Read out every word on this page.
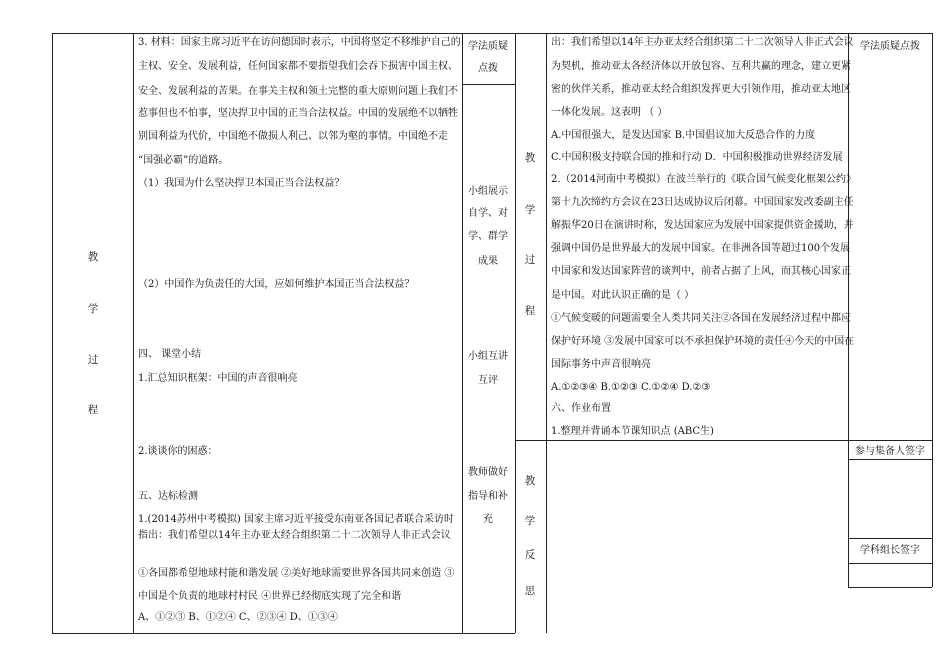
教
学
过
程
学法质疑
点拨
小组展示
自学、对
学、群学
成果
小组互讲
互评
教师做好
指导和补
充
3. 材料：国家主席习近平在访问德国时表示，中国将坚定不移维护自己的
主权、安全、发展利益，任何国家都不要指望我们会吞下损害中国主权、
安全、发展利益的苦果。在事关主权和领土完整的重大原则问题上我们不
惹事但也不怕事，坚决捍卫中国的正当合法权益。中国的发展绝不以牺牲
别国利益为代价，中国绝不做损人利己、以邻为壑的事情。中国绝不走
“国强必霸”的道路。
（1）我国为什么坚决捍卫本国正当合法权益？
（2）中国作为负责任的大国，应如何维护本国正当合法权益？
四、 课堂小结
1.汇总知识框架：中国的声音很响亮
2.谈谈你的困惑：
五、达标检测
1.(2014苏州中考模拟) 国家主席习近平接受东南亚各国记者联合采访时
指出：我们希望以14年主办亚太经合组织第二十二次领导人非正式会议
①各国都希望地球村能和谐发展 ②美好地球需要世界各国共同来创造 ③
中国是个负责的地球村村民 ④世界已经彻底实现了完全和谐
A、①②③ B、①②④ C、②③④ D、①③④
教
学
过
程
教
学
反
思
学法质疑点拨
参与集备人签字
学科组长签字
出：我们希望以14年主办亚太经合组织第二十二次领导人非正式会议
为契机，推动亚太各经济体以开放包容、互利共赢的理念，建立更紧
密的伙伴关系，推动亚太经合组织发挥更大引领作用，推动亚太地区
一体化发展。这表明 （ ）
A.中国很强大，是发达国家 B.中国倡议加大反恐合作的力度
C.中国积极支持联合国的推和行动 D．中国积极推动世界经济发展
2.（2014河南中考模拟）在波兰举行的《联合国气候变化框架公约》
第十九次缔约方会议在23日达成协议后闭幕。中国国家发改委副主任
解振华20日在演讲时称，发达国家应为发展中国家提供资金援助，并
强调中国仍是世界最大的发展中国家。在非洲各国等超过100个发展
中国家和发达国家阵营的谈判中，前者占据了上风，而其核心国家正
是中国。对此认识正确的是（ ）
①气候变暖的问题需要全人类共同关注②各国在发展经济过程中都应
保护好环境 ③发展中国家可以不承担保护环境的责任④今天的中国在
国际事务中声音很响亮
A.①②③④ B.①②③ C.①②④ D.②③
六、作业布置
1.整理并背诵本节课知识点 (ABC生)
